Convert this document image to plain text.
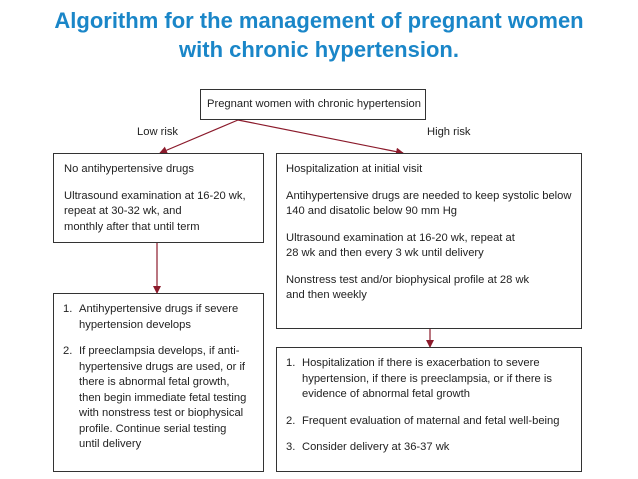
Algorithm for the management of pregnant women
with chronic hypertension.

Pregnant women with chronic hypertension

Low risk	High risk

No antihypertensive drugs

Ultrasound examination at 16-20 wk,

repeat at 30-32 wk, and

monthly after that until term

Hospitalization at initial visit

Antihypertensive drugs are needed to keep systolic below

140 and disatolic below 90 mm Hg

Ultrasound examination at 16-20 wk, repeat at

28 wk and then every 3 wk until delivery

Nonstress test and/or biophysical profile at 28 wk

and then weekly

1. Antihypertensive drugs if severe

hypertension develops

2. If preeclampsia develops, if anti-

hypertensive drugs are used, or if

there is abnormal fetal growth,

then begin immediate fetal testing

with nonstress test or biophysical

profile. Continue serial testing

until delivery

1. Hospitalization if there is exacerbation to severe

hypertension, if there is preeclampsia, or if there is

evidence of abnormal fetal growth

2. Frequent evaluation of maternal and fetal well-being

3. Consider delivery at 36-37 wk
